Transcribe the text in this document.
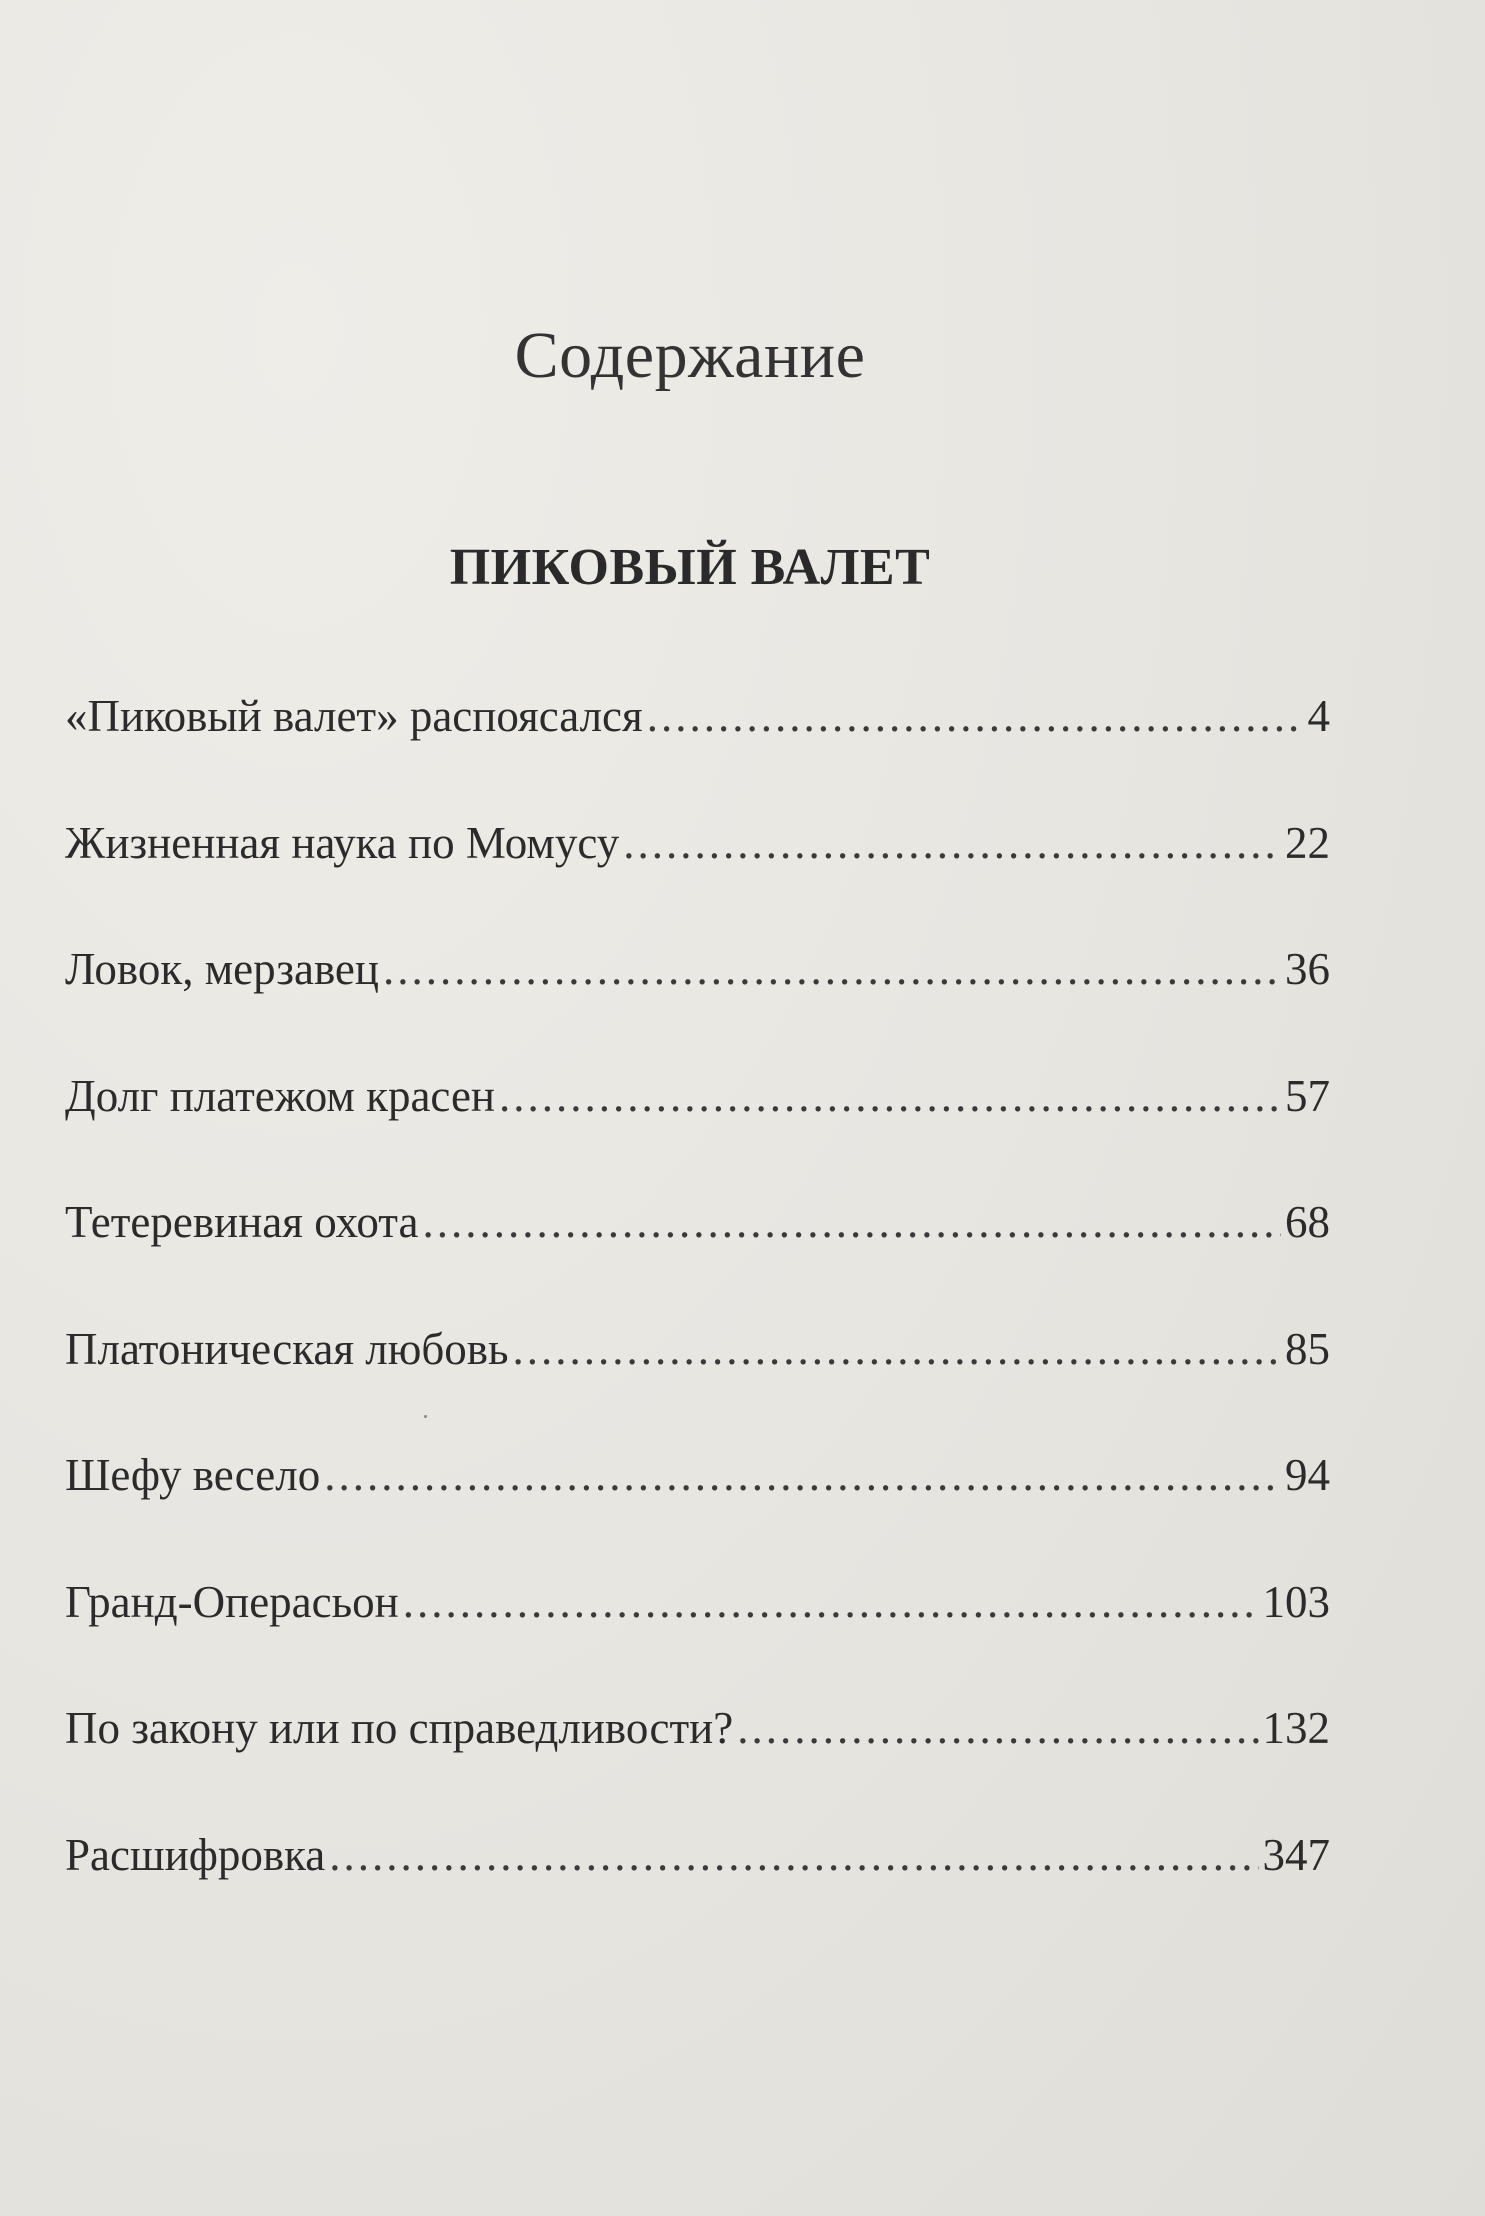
Содержание
ПИКОВЫЙ ВАЛЕТ
«Пиковый валет» распоясался .....	4
Жизненная наука по Момусу .....	22
Ловок, мерзавец .....	36
Долг платежом красен .....	57
Тетеревиная охота .....	68
Платоническая любовь .....	85
Шефу весело .....	94
Гранд-Операсьон .....	103
По закону или по справедливости? .....	132
Расшифровка .....	347
